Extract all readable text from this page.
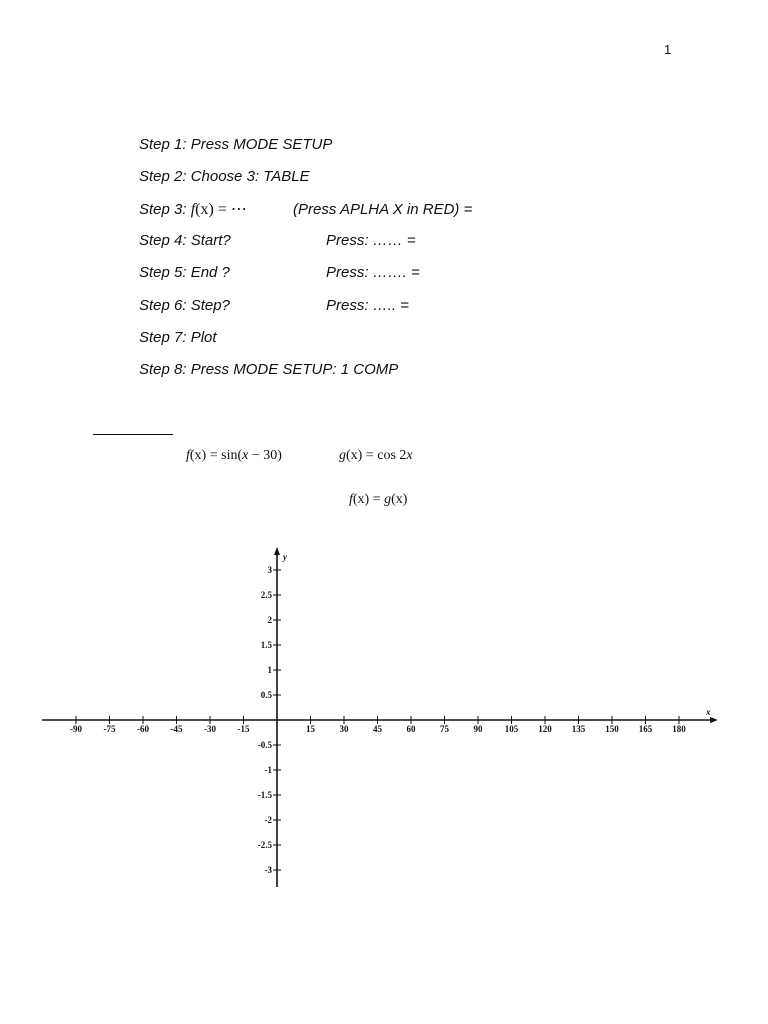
1
Step 1: Press MODE SETUP
Step 2: Choose 3: TABLE
Step 3: f(x) = ⋯	(Press APLHA X in RED) =
Step 4: Start?	Press: …… =
Step 5: End ?	Press: ……. =
Step 6: Step?	Press: ….. =
Step 7: Plot
Step 8: Press MODE SETUP: 1 COMP
f(x) = sin(x − 30)	g(x) = cos 2x
f(x) = g(x)
x
y
-90 -75 -60 -45 -30 -15	15	30	45	60	75	90 105 120 135 150 165 180
3
2.5
2
1.5
1
0.5
-0.5
-1
-1.5
-2
-2.5
-3
